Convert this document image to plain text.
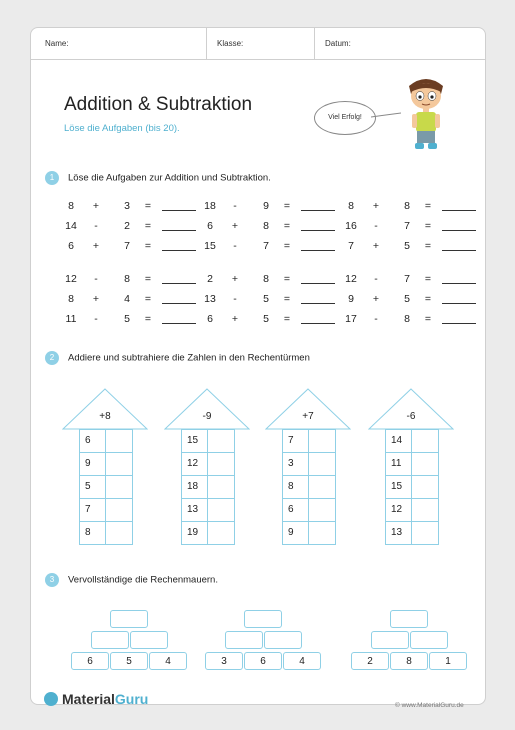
Name:	Klasse:	Datum:
Addition & Subtraktion
Löse die Aufgaben (bis 20).
Viel Erfolg!
1 Löse die Aufgaben zur Addition und Subtraktion.
8	+	3	=
14	-	2	=
6	+	7	=
12	-	8	=
8	+	4	=
11	-	5	=
18	-	9	=
6	+	8	=
15	-	7	=
2	+	8	=
13	-	5	=
6	+	5	=
8	+	8	=
16	-	7	=
7	+	5	=
12	-	7	=
9	+	5	=
17	-	8	=
2 Addiere und subtrahiere die Zahlen in den Rechentürmen
+8
6
9
5
7
8
-9
15
12
18
13
19
+7
7
3
8
6
9
-6
14
11
15
12
13
3 Vervollständige die Rechenmauern.
6	5	4	3	6	4	2	8	1
MaterialGuru	© www.MaterialGuru.de
